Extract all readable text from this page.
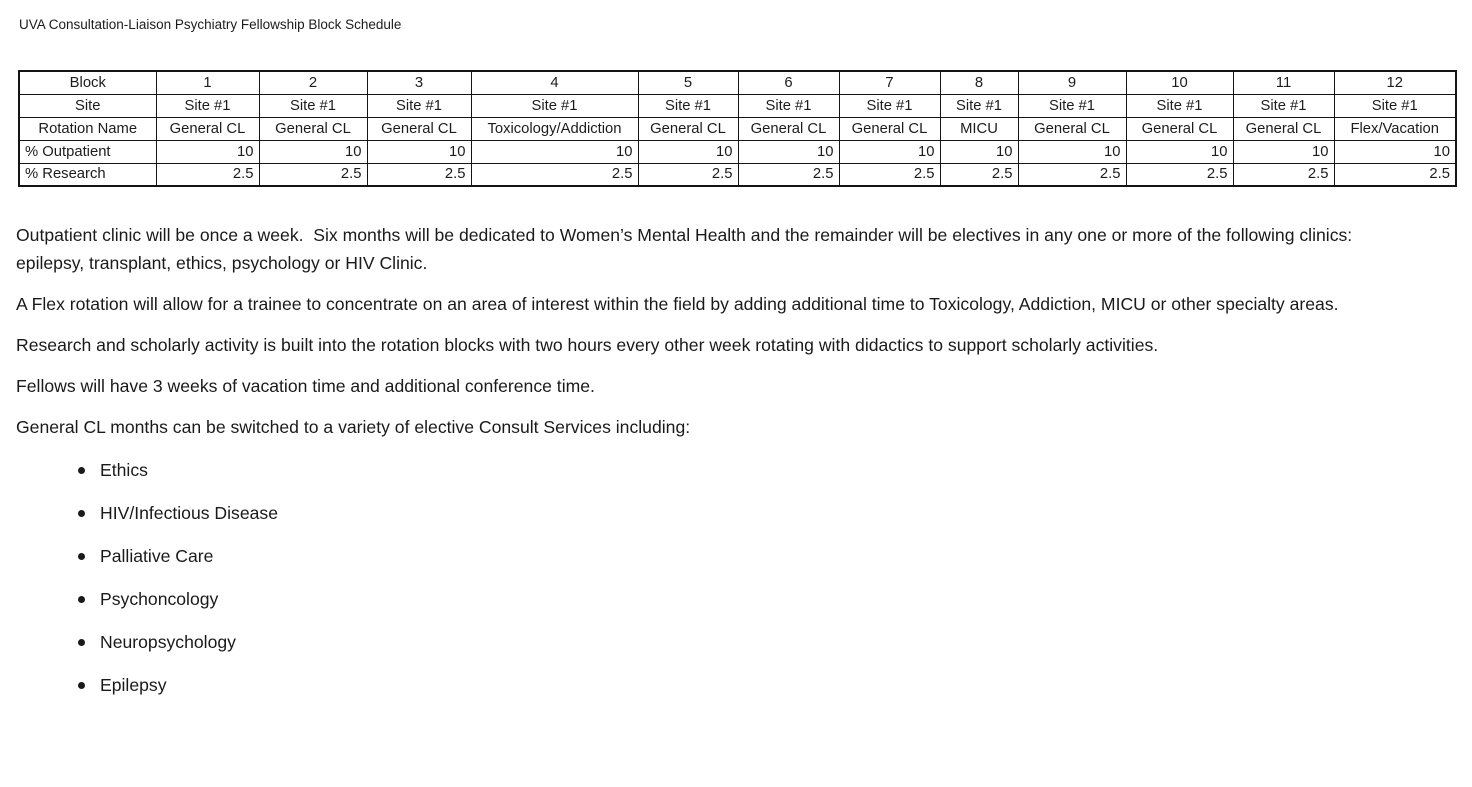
UVA Consultation-Liaison Psychiatry Fellowship Block Schedule
Block	1	2	3	4	5	6	7	8	9	10	11	12
Site	Site #1	Site #1	Site #1	Site #1	Site #1	Site #1	Site #1	Site #1	Site #1	Site #1	Site #1	Site #1
Rotation Name	General CL	General CL	General CL	Toxicology/Addiction	General CL	General CL	General CL	MICU	General CL	General CL	General CL	Flex/Vacation
% Outpatient	10	10	10	10	10	10	10	10	10	10	10	10
% Research	2.5	2.5	2.5	2.5	2.5	2.5	2.5	2.5	2.5	2.5	2.5	2.5

Outpatient clinic will be once a week.  Six months will be dedicated to Women’s Mental Health and the remainder will be electives in any one or more of the following clinics: epilepsy, transplant, ethics, psychology or HIV Clinic.

A Flex rotation will allow for a trainee to concentrate on an area of interest within the field by adding additional time to Toxicology, Addiction, MICU or other specialty areas.

Research and scholarly activity is built into the rotation blocks with two hours every other week rotating with didactics to support scholarly activities.

Fellows will have 3 weeks of vacation time and additional conference time.

General CL months can be switched to a variety of elective Consult Services including:

Ethics
HIV/Infectious Disease
Palliative Care
Psychoncology
Neuropsychology
Epilepsy
